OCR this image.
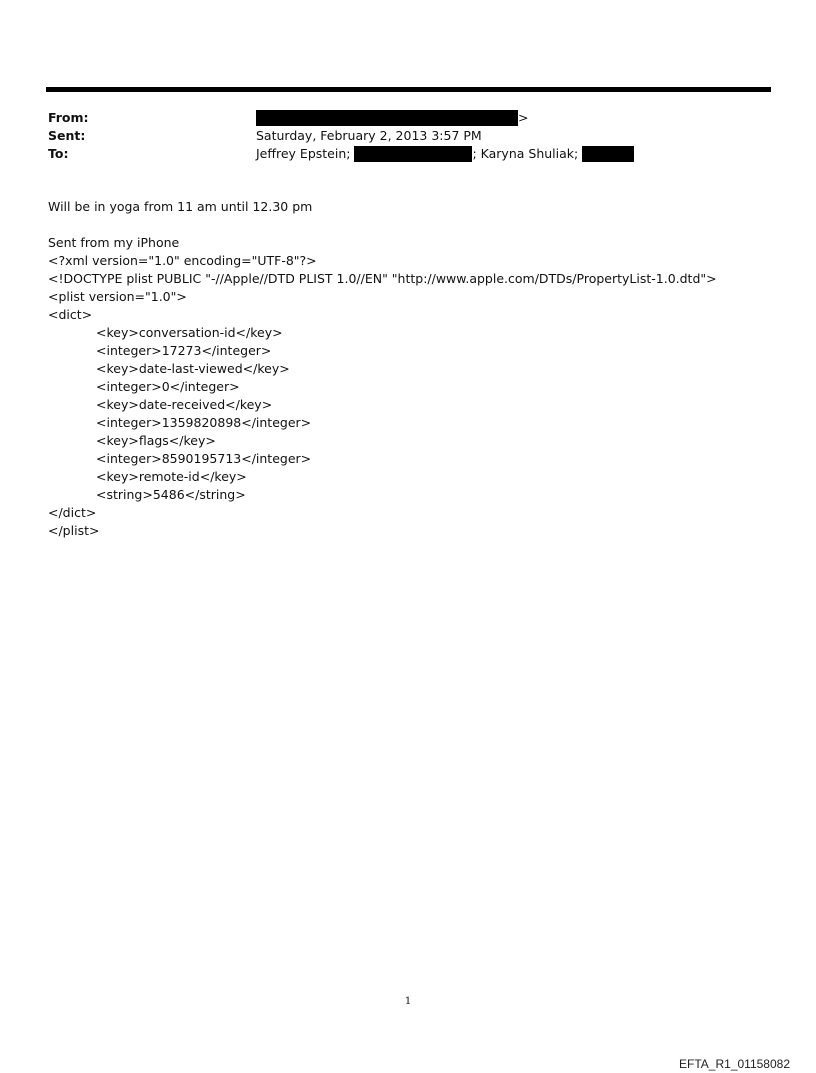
From:	>
Sent:	Saturday, February 2, 2013 3:57 PM
To:	Jeffrey Epstein;	; Karyna Shuliak;
Will be in yoga from 11 am until 12.30 pm
Sent from my iPhone
<?xml version="1.0" encoding="UTF-8"?>
<!DOCTYPE plist PUBLIC "-//Apple//DTD PLIST 1.0//EN" "http://www.apple.com/DTDs/PropertyList-1.0.dtd">
<plist version="1.0">
<dict>
<key>conversation-id</key>
<integer>17273</integer>
<key>date-last-viewed</key>
<integer>0</integer>
<key>date-received</key>
<integer>1359820898</integer>
<key>flags</key>
<integer>8590195713</integer>
<key>remote-id</key>
<string>5486</string>
</dict>
</plist>
1
EFTA_R1_01158082
